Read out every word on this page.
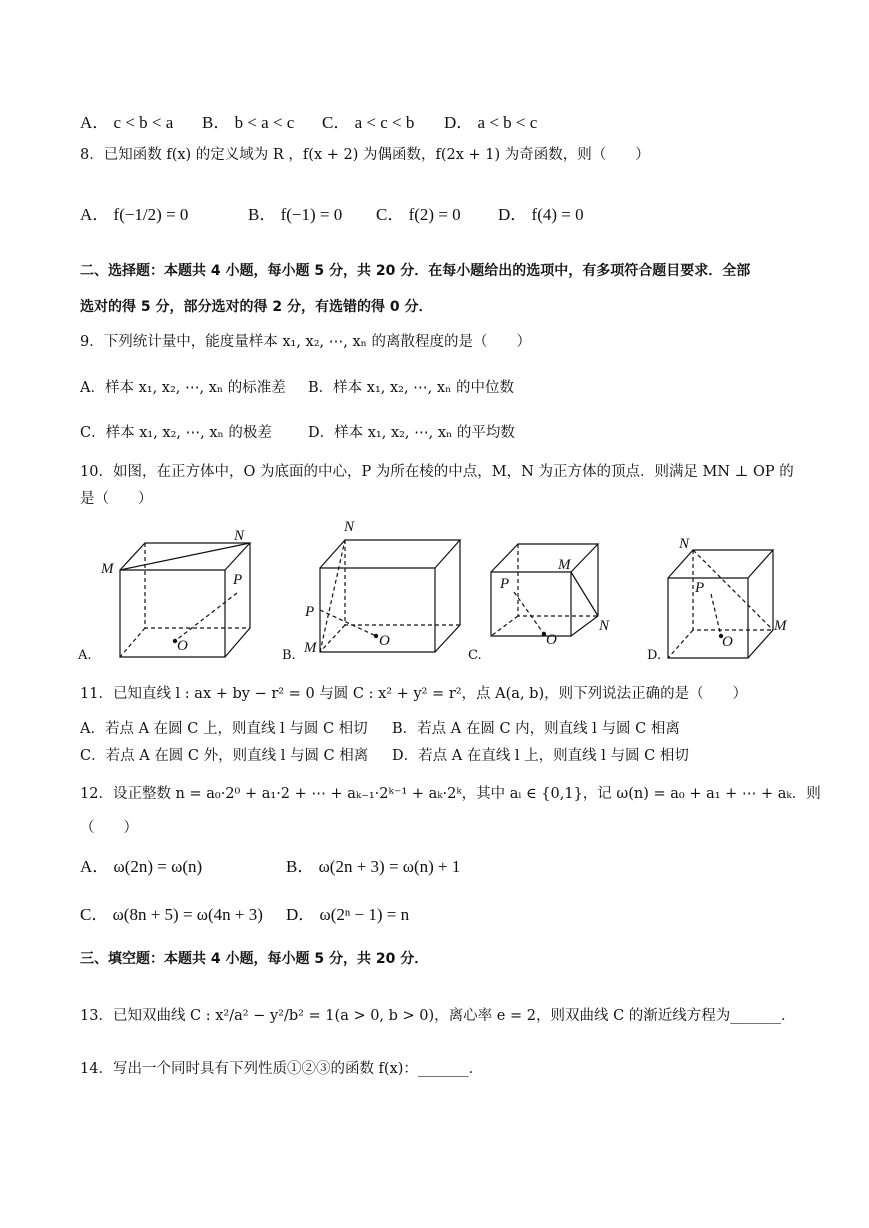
A． c < b < a B． b < a < c C． a < c < b D． a < b < c
8．已知函数 f(x) 的定义域为 R ，f(x + 2) 为偶函数，f(2x + 1) 为奇函数，则（　　）
A． f(−1/2) = 0	B． f(−1) = 0 C． f(2) = 0 D． f(4) = 0
二、选择题：本题共 4 小题，每小题 5 分，共 20 分．在每小题给出的选项中，有多项符合题目要求．全部
选对的得 5 分，部分选对的得 2 分，有选错的得 0 分．
9．下列统计量中，能度量样本 x₁, x₂, ⋯, xₙ 的离散程度的是（　　）
A．样本 x₁, x₂, ⋯, xₙ 的标准差 B．样本 x₁, x₂, ⋯, xₙ 的中位数
C．样本 x₁, x₂, ⋯, xₙ 的极差 D．样本 x₁, x₂, ⋯, xₙ 的平均数
10．如图，在正方体中，O 为底面的中心，P 为所在棱的中点，M，N 为正方体的顶点．则满足 MN ⊥ OP 的
是（　　）
A.
M
N
P
O
B.
N
P
M	O
C.
M
P
N
O
D.
N
P
M
O
11．已知直线 l : ax + by − r² = 0 与圆 C : x² + y² = r²，点 A(a, b)，则下列说法正确的是（　　）
A．若点 A 在圆 C 上，则直线 l 与圆 C 相切 B．若点 A 在圆 C 内，则直线 l 与圆 C 相离
C．若点 A 在圆 C 外，则直线 l 与圆 C 相离 D．若点 A 在直线 l 上，则直线 l 与圆 C 相切
12．设正整数 n = a₀·2⁰ + a₁·2 + ⋯ + aₖ₋₁·2ᵏ⁻¹ + aₖ·2ᵏ，其中 aᵢ ∈ {0,1}，记 ω(n) = a₀ + a₁ + ⋯ + aₖ．则
（　　）
A． ω(2n) = ω(n)	B． ω(2n + 3) = ω(n) + 1
C． ω(8n + 5) = ω(4n + 3) D． ω(2ⁿ − 1) = n
三、填空题：本题共 4 小题，每小题 5 分，共 20 分．
13．已知双曲线 C : x²/a² − y²/b² = 1(a > 0, b > 0)，离心率 e = 2，则双曲线 C 的渐近线方程为_______．
14．写出一个同时具有下列性质①②③的函数 f(x)：_______．
